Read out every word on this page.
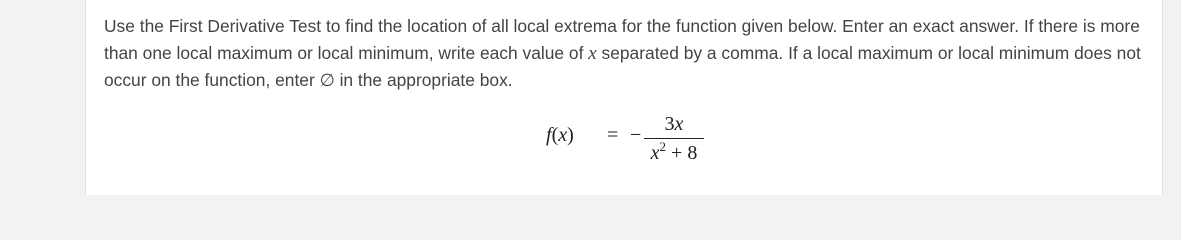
Use the First Derivative Test to find the location of all local extrema for the function given below. Enter an exact answer. If there is more than one local maximum or local minimum, write each value of x separated by a comma. If a local maximum or local minimum does not occur on the function, enter ∅ in the appropriate box.

f(x) = −	3x
$x^2 + 8$
